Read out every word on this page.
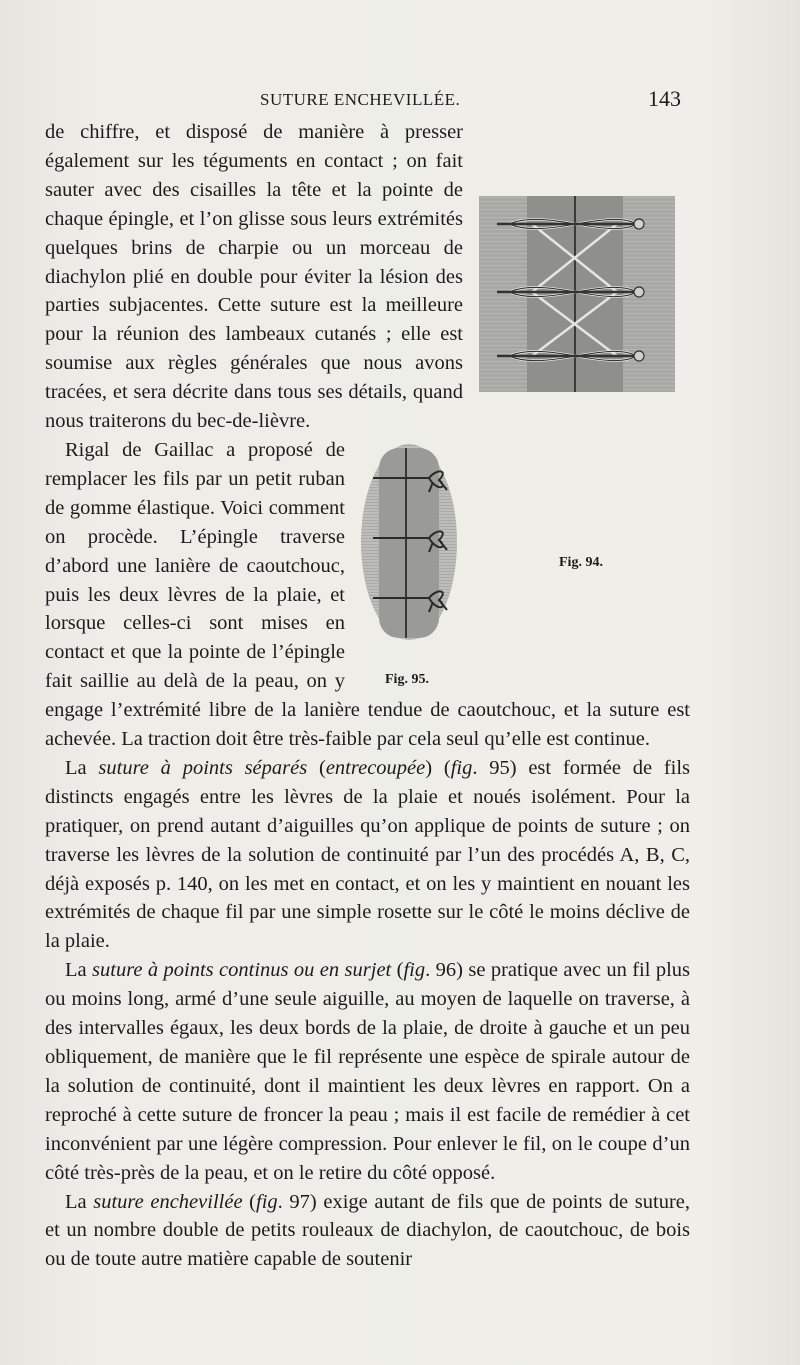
SUTURE ENCHEVILLÉE.	143
Fig. 94.

de chiffre, et disposé de manière à presser également sur les téguments en contact ; on fait sauter avec des cisailles la tête et la pointe de chaque épingle, et l’on glisse sous leurs extrémités quelques brins de charpie ou un morceau de diachylon plié en double pour éviter la lésion des parties subjacentes. Cette suture est la meilleure pour la réunion des lambeaux cutanés ; elle est soumise aux règles générales que nous avons tracées, et sera décrite dans tous ses détails, quand nous traiterons du bec-de-lièvre.

Fig. 95.

Rigal de Gaillac a proposé de remplacer les fils par un petit ruban de gomme élastique. Voici comment on procède. L’épingle traverse d’abord une lanière de caoutchouc, puis les deux lèvres de la plaie, et lorsque celles-ci sont mises en contact et que la pointe de l’épingle fait saillie au delà de la peau, on y engage l’extrémité libre de la lanière tendue de caoutchouc, et la suture est achevée. La traction doit être très-faible par cela seul qu’elle est continue.

La suture à points séparés (entrecoupée) (fig. 95) est formée de fils distincts engagés entre les lèvres de la plaie et noués isolément. Pour la pratiquer, on prend autant d’aiguilles qu’on applique de points de suture ; on traverse les lèvres de la solution de continuité par l’un des procédés A, B, C, déjà exposés p. 140, on les met en contact, et on les y maintient en nouant les extrémités de chaque fil par une simple rosette sur le côté le moins déclive de la plaie.

La suture à points continus ou en surjet (fig. 96) se pratique avec un fil plus ou moins long, armé d’une seule aiguille, au moyen de laquelle on traverse, à des intervalles égaux, les deux bords de la plaie, de droite à gauche et un peu obliquement, de manière que le fil représente une espèce de spirale autour de la solution de continuité, dont il maintient les deux lèvres en rapport. On a reproché à cette suture de froncer la peau ; mais il est facile de remédier à cet inconvénient par une légère compression. Pour enlever le fil, on le coupe d’un côté très-près de la peau, et on le retire du côté opposé.

La suture enchevillée (fig. 97) exige autant de fils que de points de suture, et un nombre double de petits rouleaux de diachylon, de caoutchouc, de bois ou de toute autre matière capable de soutenir
